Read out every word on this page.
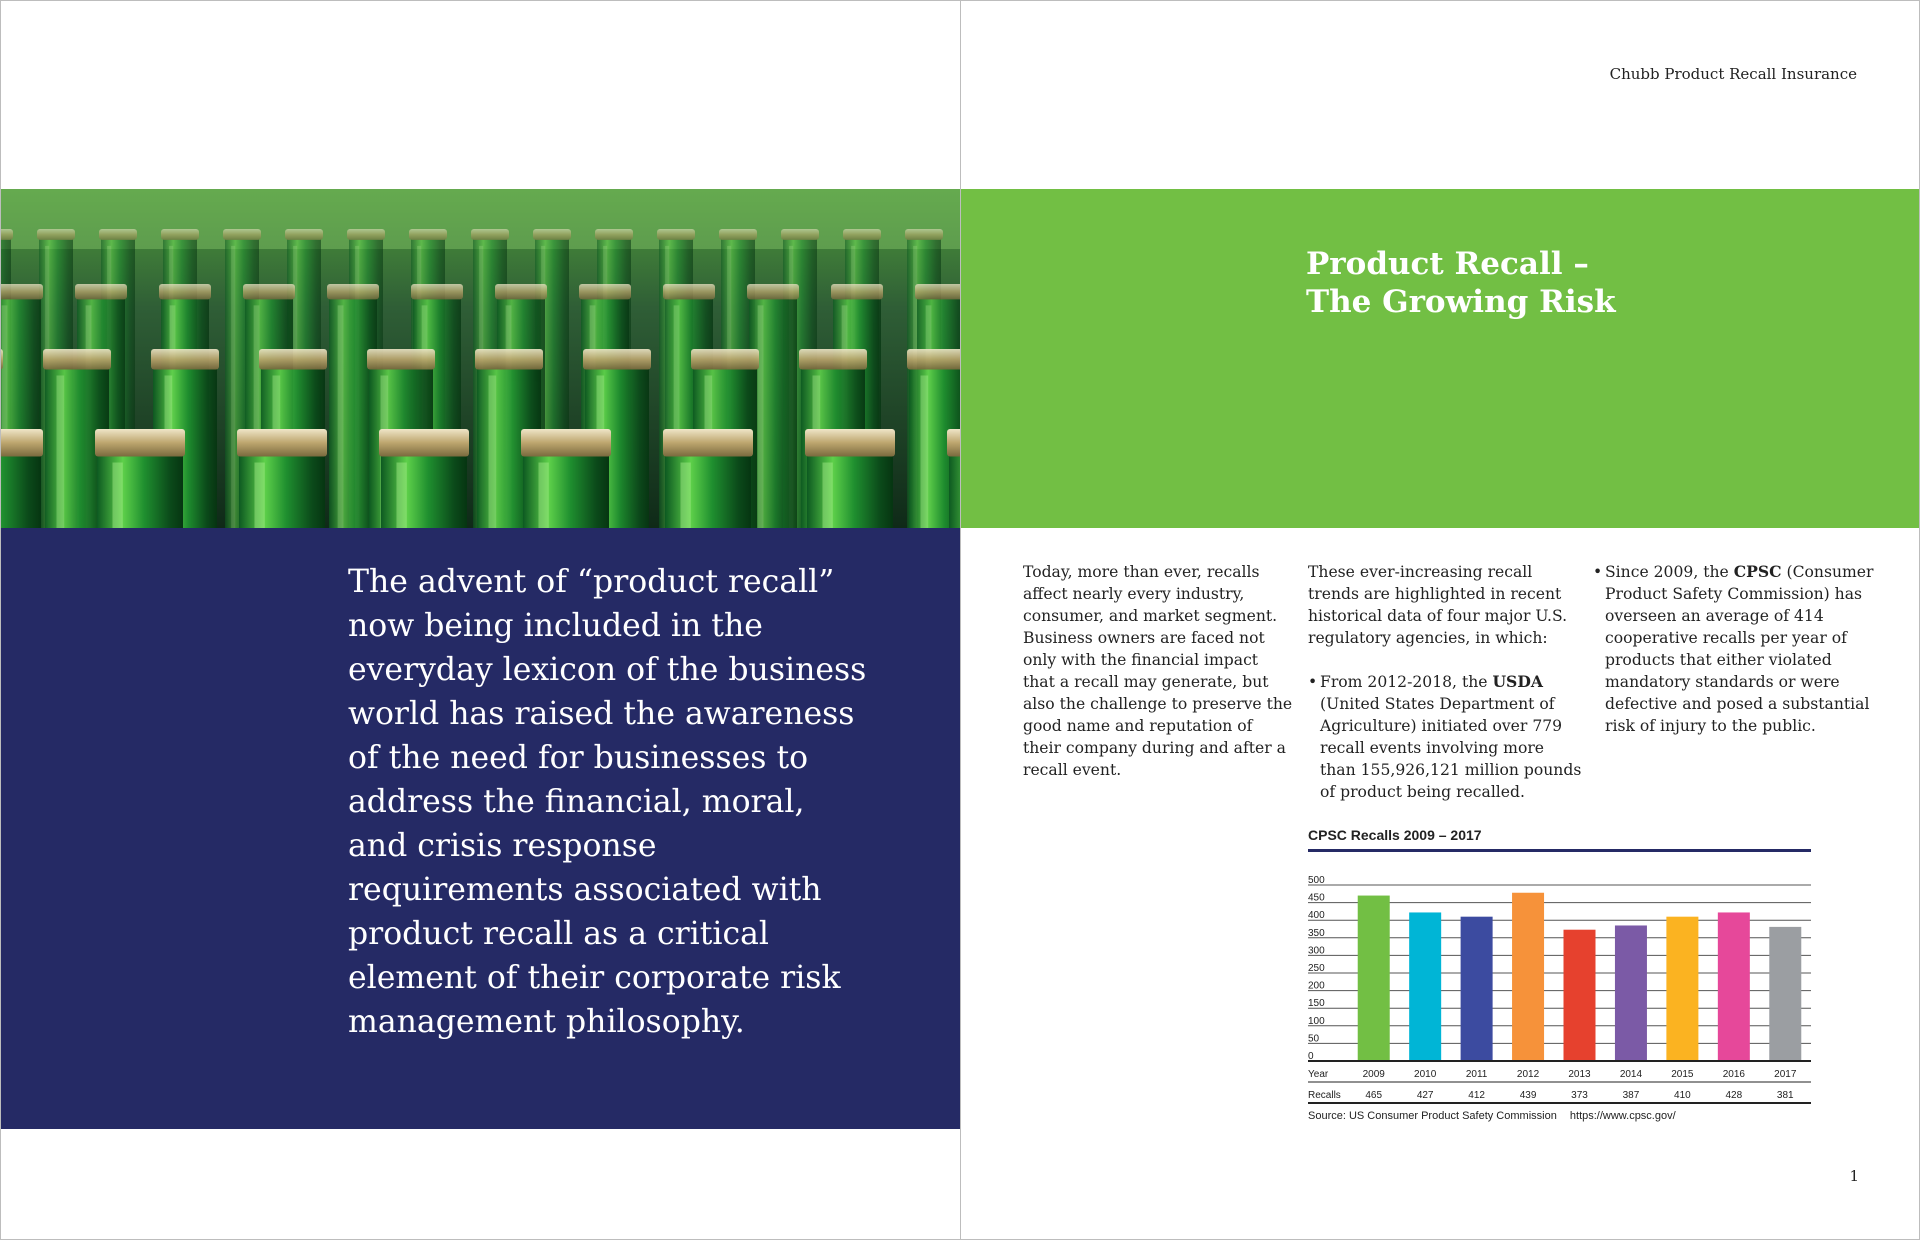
The advent of “product recall” now being included in the everyday lexicon of the business world has raised the awareness of the need for businesses to address the financial, moral, and crisis response requirements associated with product recall as a critical element of their corporate risk management philosophy.

Chubb Product Recall Insurance
Product Recall –
The Growing Risk

Today, more than ever, recalls affect nearly every industry, consumer, and market segment. Business owners are faced not only with the financial impact that a recall may generate, but also the challenge to preserve the good name and reputation of their company during and after a recall event.

These ever-increasing recall trends are highlighted in recent historical data of four major U.S. regulatory agencies, in which:

• From 2012-2018, the USDA (United States Department of Agriculture) initiated over 779 recall events involving more than 155,926,121 million pounds of product being recalled.

• Since 2009, the CPSC (Consumer Product Safety Commission) has overseen an average of 414 cooperative recalls per year of products that either violated mandatory standards or were defective and posed a substantial risk of injury to the public.

0
50
100
150
200
250
300
350
400
450
500
2009
465
2010
427
2011
412
2012
439
2013
373
2014
387
2015
410
2016
428
2017
381
Year
Recalls
CPSC Recalls 2009 – 2017
Source: US Consumer Product Safety Commission https://www.cpsc.gov/
1
